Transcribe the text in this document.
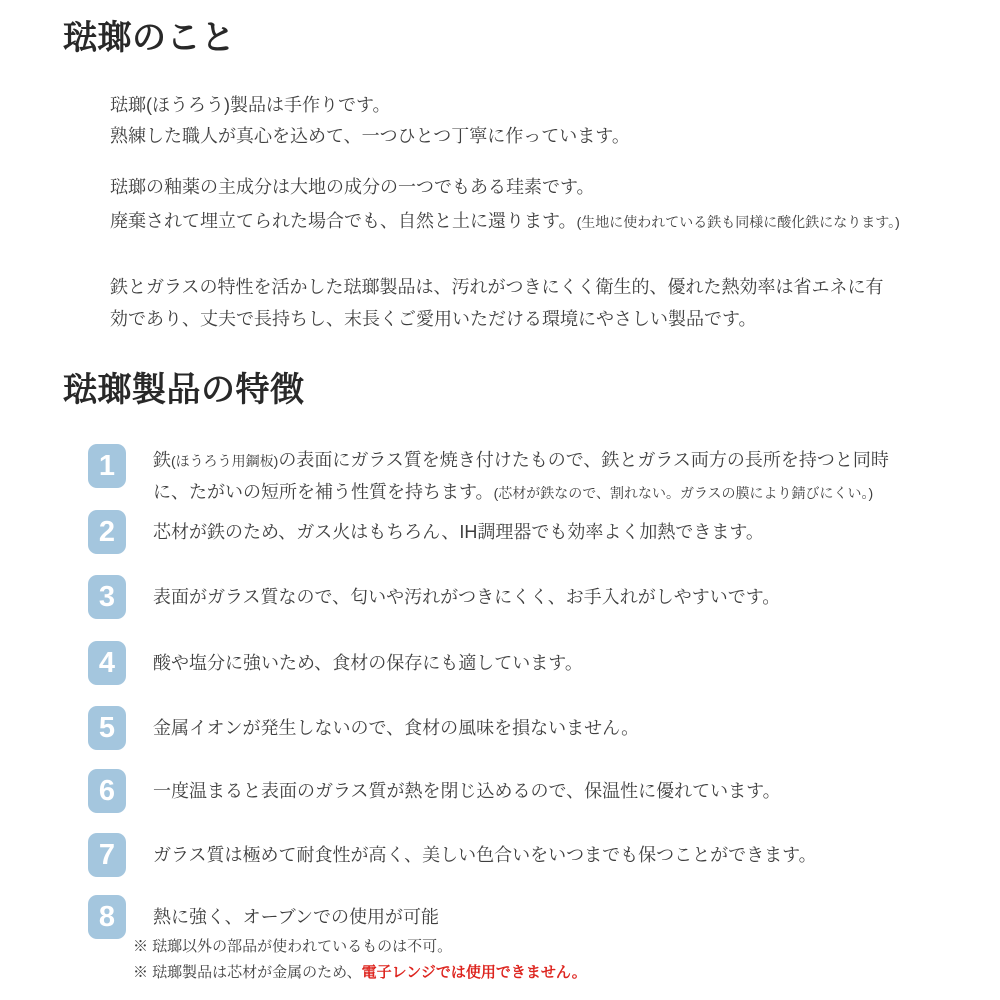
琺瑯のこと
琺瑯(ほうろう)製品は手作りです。
熟練した職人が真心を込めて、一つひとつ丁寧に作っています。
琺瑯の釉薬の主成分は大地の成分の一つでもある珪素です。
廃棄されて埋立てられた場合でも、自然と土に還ります。(生地に使われている鉄も同様に酸化鉄になります。)
鉄とガラスの特性を活かした琺瑯製品は、汚れがつきにくく衛生的、優れた熱効率は省エネに有
効であり、丈夫で長持ちし、末長くご愛用いただける環境にやさしい製品です。
琺瑯製品の特徴
1	鉄(ほうろう用鋼板)の表面にガラス質を焼き付けたもので、鉄とガラス両方の長所を持つと同時
に、たがいの短所を補う性質を持ちます。(芯材が鉄なので、割れない。ガラスの膜により錆びにくい。)
2	芯材が鉄のため、ガス火はもちろん、IH調理器でも効率よく加熱できます。
3	表面がガラス質なので、匂いや汚れがつきにくく、お手入れがしやすいです。
4	酸や塩分に強いため、食材の保存にも適しています。
5	金属イオンが発生しないので、食材の風味を損ないません。
6	一度温まると表面のガラス質が熱を閉じ込めるので、保温性に優れています。
7	ガラス質は極めて耐食性が高く、美しい色合いをいつまでも保つことができます。
8	熱に強く、オーブンでの使用が可能
※ 琺瑯以外の部品が使われているものは不可。
※ 琺瑯製品は芯材が金属のため、電子レンジでは使用できません。
